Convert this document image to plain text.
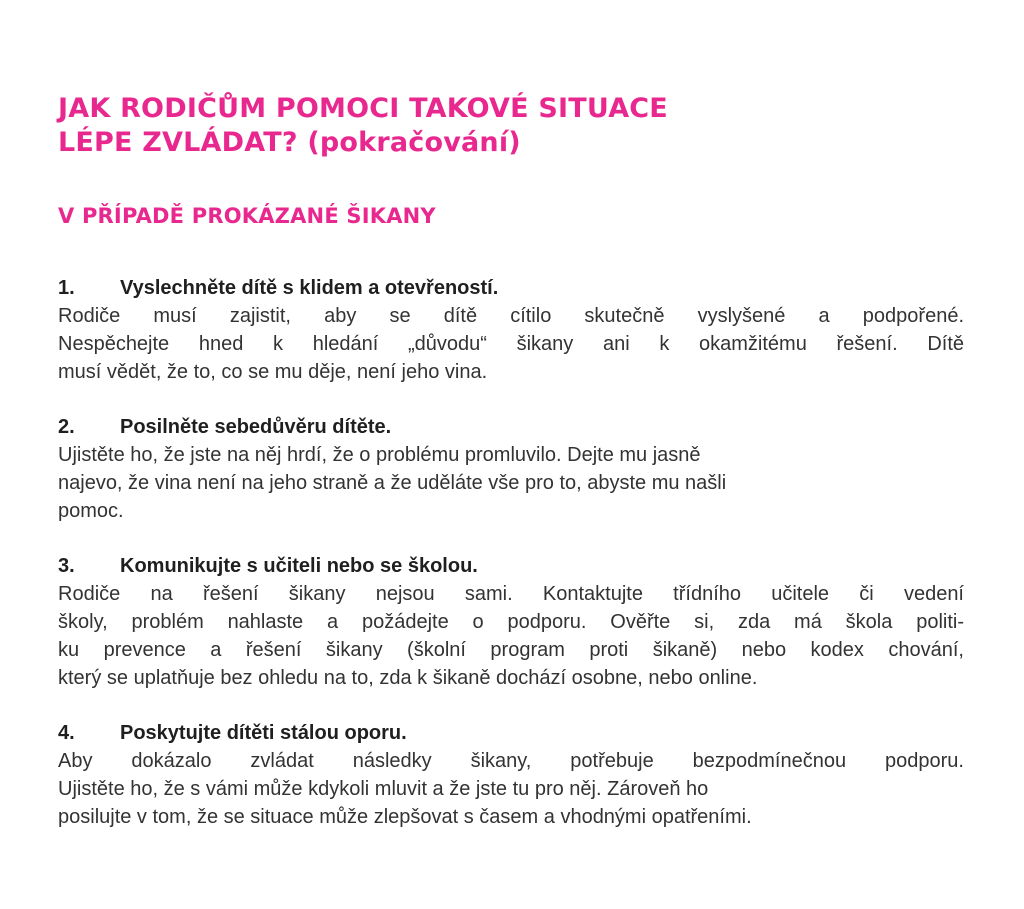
JAK RODIČŮM POMOCI TAKOVÉ SITUACE
LÉPE ZVLÁDAT? (pokračování)
V PŘÍPADĚ PROKÁZANÉ ŠIKANY
1.	Vyslechněte dítě s klidem a otevřeností.

Rodiče musí zajistit, aby se dítě cítilo skutečně vyslyšené a podpořené.
Nespěchejte hned k hledání „důvodu“ šikany ani k okamžitému řešení. Dítě
musí vědět, že to, co se mu děje, není jeho vina.

2.	Posilněte sebedůvěru dítěte.

Ujistěte ho, že jste na něj hrdí, že o problému promluvilo. Dejte mu jasně
najevo, že vina není na jeho straně a že uděláte vše pro to, abyste mu našli
pomoc.

3.	Komunikujte s učiteli nebo se školou.

Rodiče na řešení šikany nejsou sami. Kontaktujte třídního učitele či vedení
školy, problém nahlaste a požádejte o podporu. Ověřte si, zda má škola politi-
ku prevence a řešení šikany (školní program proti šikaně) nebo kodex chování,
který se uplatňuje bez ohledu na to, zda k šikaně dochází osobne, nebo online.

4.	Poskytujte dítěti stálou oporu.

Aby dokázalo zvládat následky šikany, potřebuje bezpodmínečnou podporu.
Ujistěte ho, že s vámi může kdykoli mluvit a že jste tu pro něj. Zároveň ho
posilujte v tom, že se situace může zlepšovat s časem a vhodnými opatřeními.
